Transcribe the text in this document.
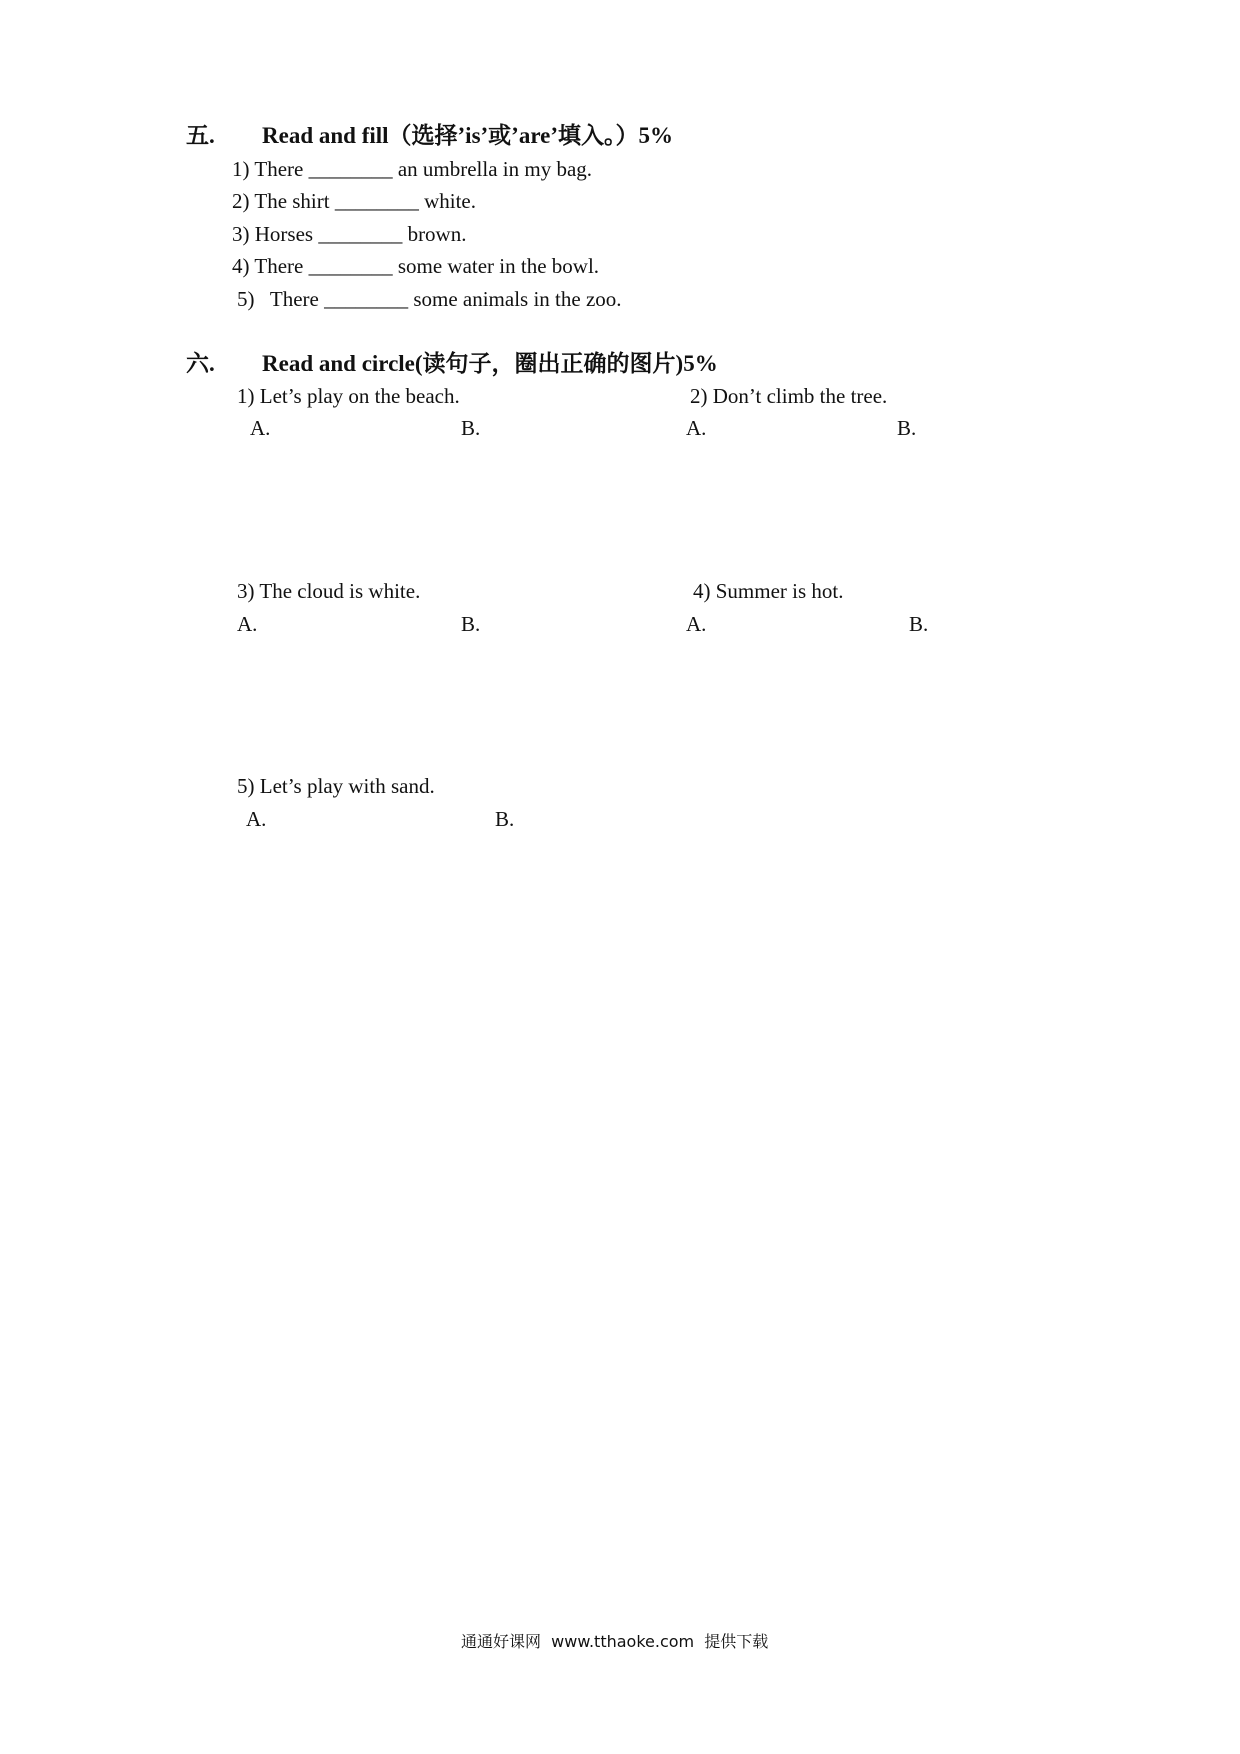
五. Read and fill（选择’is’或’are’填入。）5%
1) There ________ an umbrella in my bag.
2) The shirt ________ white.
3) Horses ________ brown.
4) There ________ some water in the bowl.
5)   There ________ some animals in the zoo.
六. Read and circle(读句子，圈出正确的图片)5%
1) Let’s play on the beach.
A.	B.
2) Don’t climb the tree.
A.	B.
3) The cloud is white.
A.	B.
4) Summer is hot.
A.	B.
5) Let’s play with sand.
A.	B.
通通好课网  www.tthaoke.com  提供下载
